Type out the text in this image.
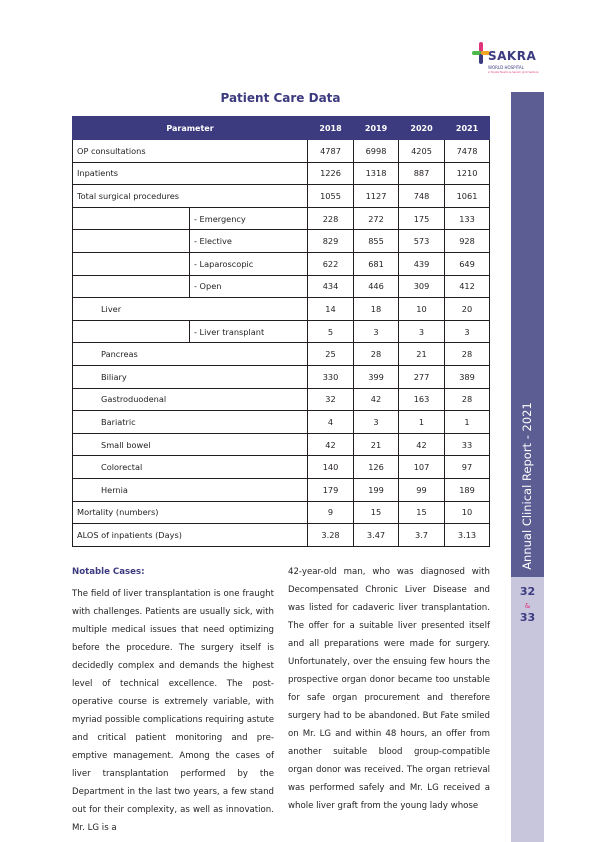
SAKRA
WORLD HOSPITAL
A Toyota Tsusho & Secom Joint Venture
Annual Clinical Report - 2021
32
&
33
Patient Care Data
Parameter		2018	2019	2020	2021
OP consultations		4787	6998	4205	7478
Inpatients		1226	1318	887	1210
Total surgical procedures		1055	1127	748	1061
	- Emergency	228	272	175	133
	- Elective	829	855	573	928
	- Laparoscopic	622	681	439	649
	- Open	434	446	309	412
Liver		14	18	10	20
	- Liver transplant	5	3	3	3
Pancreas		25	28	21	28
Biliary		330	399	277	389
Gastroduodenal		32	42	163	28
Bariatric		4	3	1	1
Small bowel		42	21	42	33
Colorectal		140	126	107	97
Hernia		179	199	99	189
Mortality (numbers)		9	15	15	10
ALOS of inpatients (Days)		3.28	3.47	3.7	3.13
Notable Cases:
The field of liver transplantation is one fraught with challenges. Patients are usually sick, with multiple medical issues that need optimizing before the procedure. The surgery itself is decidedly complex and demands the highest level of technical excellence. The post-operative course is extremely variable, with myriad possible complications requiring astute and critical patient monitoring and pre-emptive management. Among the cases of liver transplantation performed by the Department in the last two years, a few stand out for their complexity, as well as innovation. Mr. LG is a
42-year-old man, who was diagnosed with Decompensated Chronic Liver Disease and was listed for cadaveric liver transplantation. The offer for a suitable liver presented itself and all preparations were made for surgery. Unfortunately, over the ensuing few hours the prospective organ donor became too unstable for safe organ procurement and therefore surgery had to be abandoned. But Fate smiled on Mr. LG and within 48 hours, an offer from another suitable blood group-compatible organ donor was received. The organ retrieval was performed safely and Mr. LG received a whole liver graft from the young lady whose
